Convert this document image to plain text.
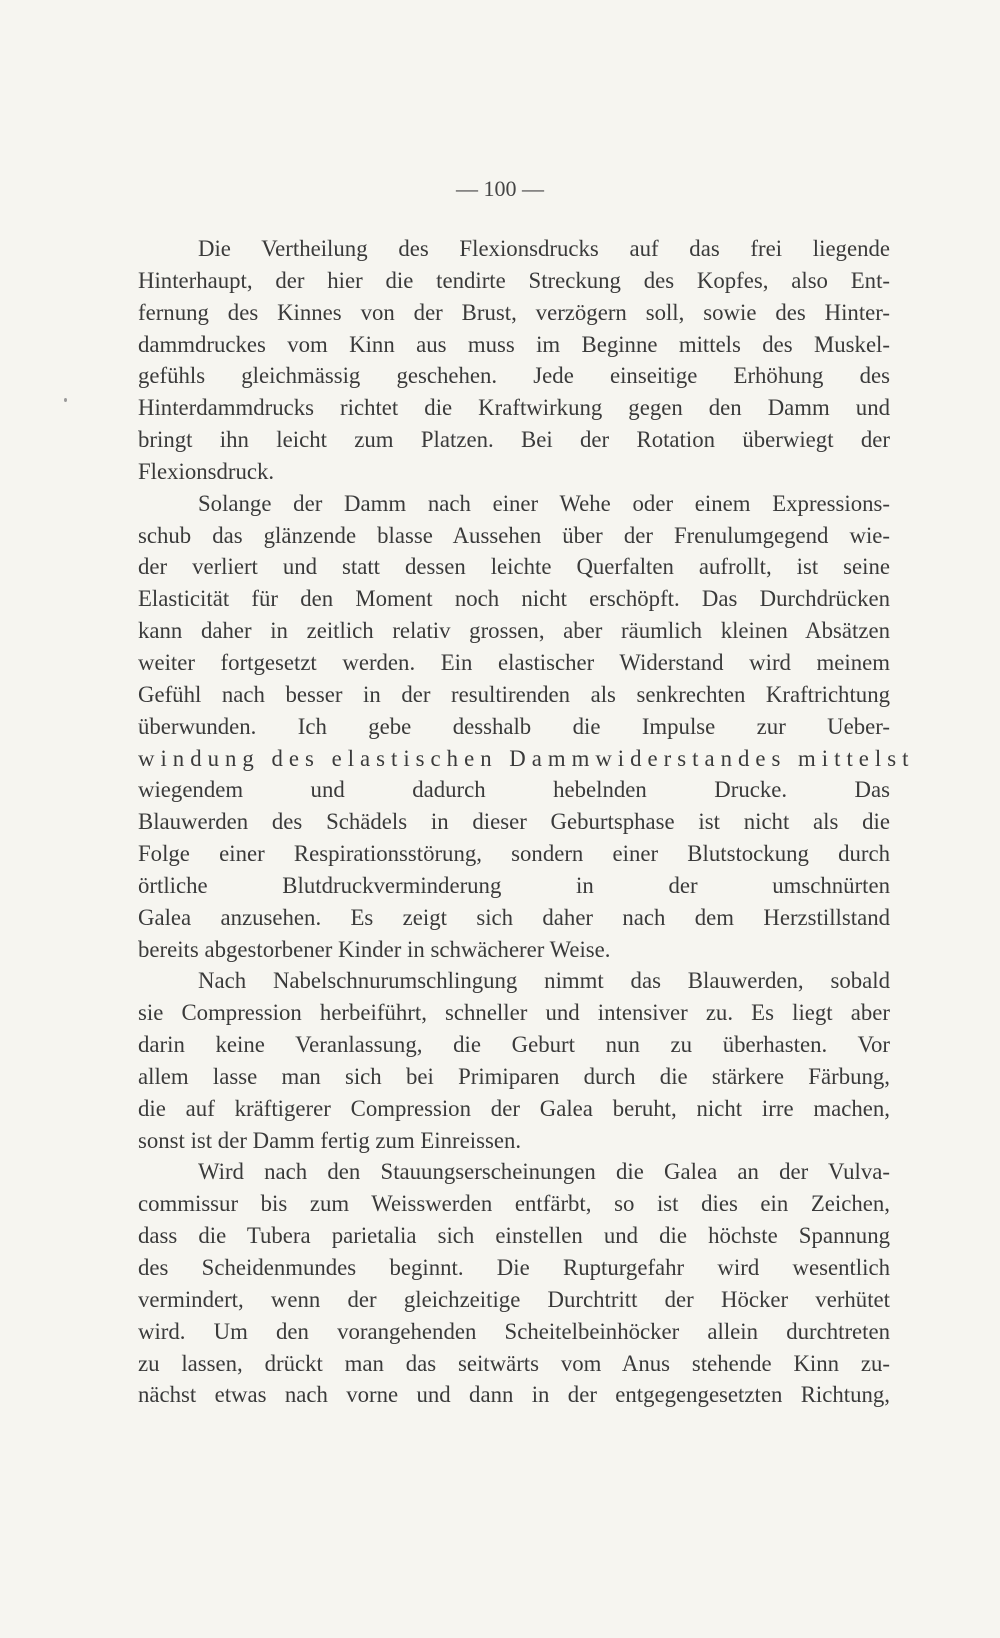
— 100 —

Die Vertheilung des Flexionsdrucks auf das frei liegende
Hinterhaupt, der hier die tendirte Streckung des Kopfes, also Ent-
fernung des Kinnes von der Brust, verzögern soll, sowie des Hinter-
dammdruckes vom Kinn aus muss im Beginne mittels des Muskel-
gefühls gleichmässig geschehen. Jede einseitige Erhöhung des
Hinterdammdrucks richtet die Kraftwirkung gegen den Damm und
bringt ihn leicht zum Platzen. Bei der Rotation überwiegt der
Flexionsdruck.

Solange der Damm nach einer Wehe oder einem Expressions-
schub das glänzende blasse Aussehen über der Frenulumgegend wie-
der verliert und statt dessen leichte Querfalten aufrollt, ist seine
Elasticität für den Moment noch nicht erschöpft. Das Durchdrücken
kann daher in zeitlich relativ grossen, aber räumlich kleinen Absätzen
weiter fortgesetzt werden. Ein elastischer Widerstand wird meinem
Gefühl nach besser in der resultirenden als senkrechten Kraftrichtung
überwunden. Ich gebe desshalb die Impulse zur Ueber-
windung des elastischen Dammwiderstandes mittelst
wiegendem und dadurch hebelnden Drucke. Das
Blauwerden des Schädels in dieser Geburtsphase ist nicht als die
Folge einer Respirationsstörung, sondern einer Blutstockung durch
örtliche Blutdruckverminderung in der umschnürten
Galea anzusehen. Es zeigt sich daher nach dem Herzstillstand
bereits abgestorbener Kinder in schwächerer Weise.

Nach Nabelschnurumschlingung nimmt das Blauwerden, sobald
sie Compression herbeiführt, schneller und intensiver zu. Es liegt aber
darin keine Veranlassung, die Geburt nun zu überhasten. Vor
allem lasse man sich bei Primiparen durch die stärkere Färbung,
die auf kräftigerer Compression der Galea beruht, nicht irre machen,
sonst ist der Damm fertig zum Einreissen.

Wird nach den Stauungserscheinungen die Galea an der Vulva-
commissur bis zum Weisswerden entfärbt, so ist dies ein Zeichen,
dass die Tubera parietalia sich einstellen und die höchste Spannung
des Scheidenmundes beginnt. Die Rupturgefahr wird wesentlich
vermindert, wenn der gleichzeitige Durchtritt der Höcker verhütet
wird. Um den vorangehenden Scheitelbeinhöcker allein durchtreten
zu lassen, drückt man das seitwärts vom Anus stehende Kinn zu-
nächst etwas nach vorne und dann in der entgegengesetzten Richtung,
